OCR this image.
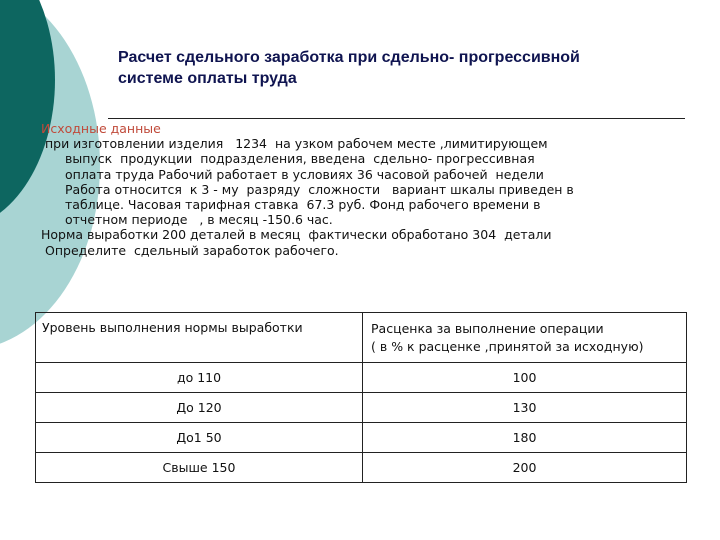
Расчет сдельного заработка при сдельно- прогрессивной
системе оплаты труда
Исходные данные
при изготовлении изделия   1234  на узком рабочем месте ,лимитирующем
выпуск  продукции  подразделения, введена  сдельно- прогрессивная
оплата труда Рабочий работает в условиях 36 часовой рабочей  недели
Работа относится  к 3 - му  разряду  сложности   вариант шкалы приведен в
таблице. Часовая тарифная ставка  67.3 руб. Фонд рабочего времени в
отчетном периоде   , в месяц -150.6 час.
Норма выработки 200 деталей в месяц  фактически обработано 304  детали
Определите  сдельный заработок рабочего.
Уровень выполнения нормы выработки	Расценка за выполнение операции
( в % к расценке ,принятой за исходную)

до 110	100
До 120	130
До1 50	180
Свыше 150	200
